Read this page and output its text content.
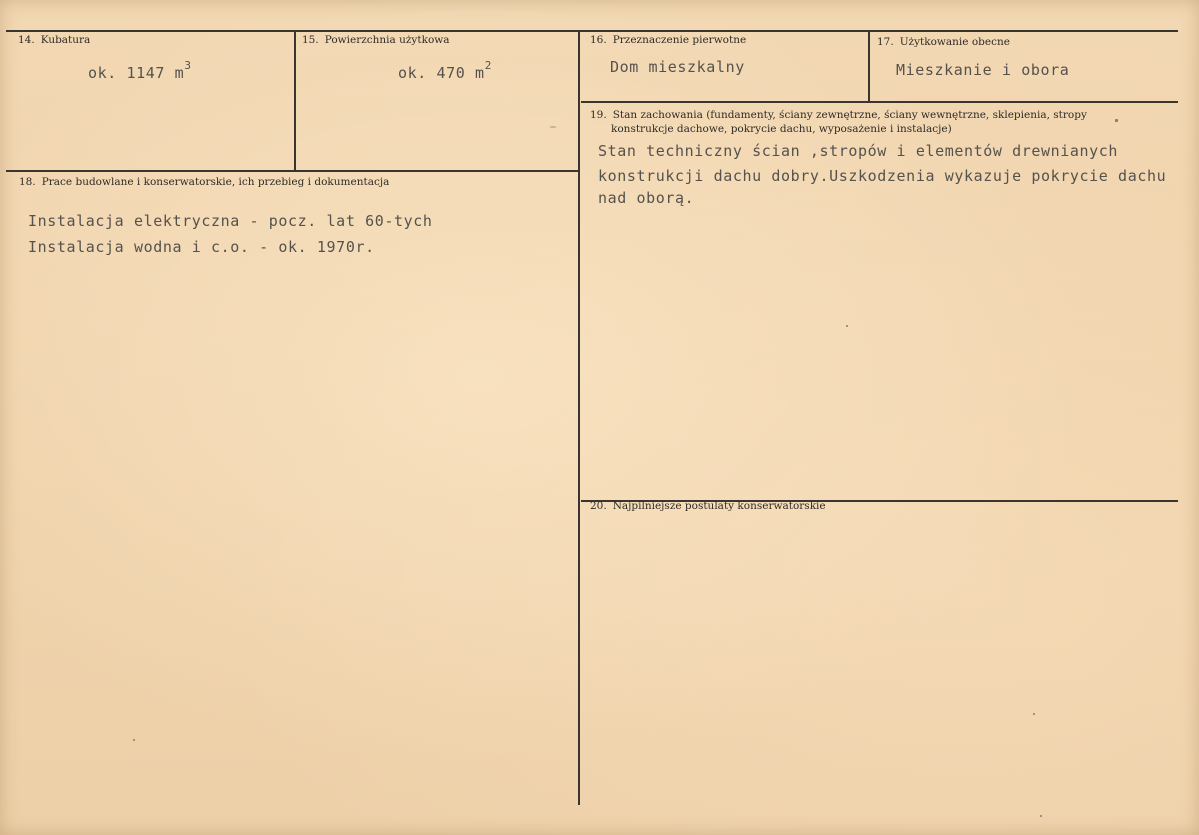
14. Kubatura
ok. 1147 $m^3$
15. Powierzchnia użytkowa
ok. 470 $m^2$
16. Przeznaczenie pierwotne
Dom mieszkalny
17. Użytkowanie obecne
Mieszkanie i obora
18. Prace budowlane i konserwatorskie, ich przebieg i dokumentacja
Instalacja elektryczna - pocz. lat 60-tych
Instalacja wodna i c.o. - ok. 1970r.
19. Stan zachowania (fundamenty, ściany zewnętrzne, ściany wewnętrzne, sklepienia, stropy
konstrukcje dachowe, pokrycie dachu, wyposażenie i instalacje)
Stan techniczny ścian ,stropów i elementów drewnianych
konstrukcji dachu dobry.Uszkodzenia wykazuje pokrycie dachu
nad oborą.
20. Najpilniejsze postulaty konserwatorskie
